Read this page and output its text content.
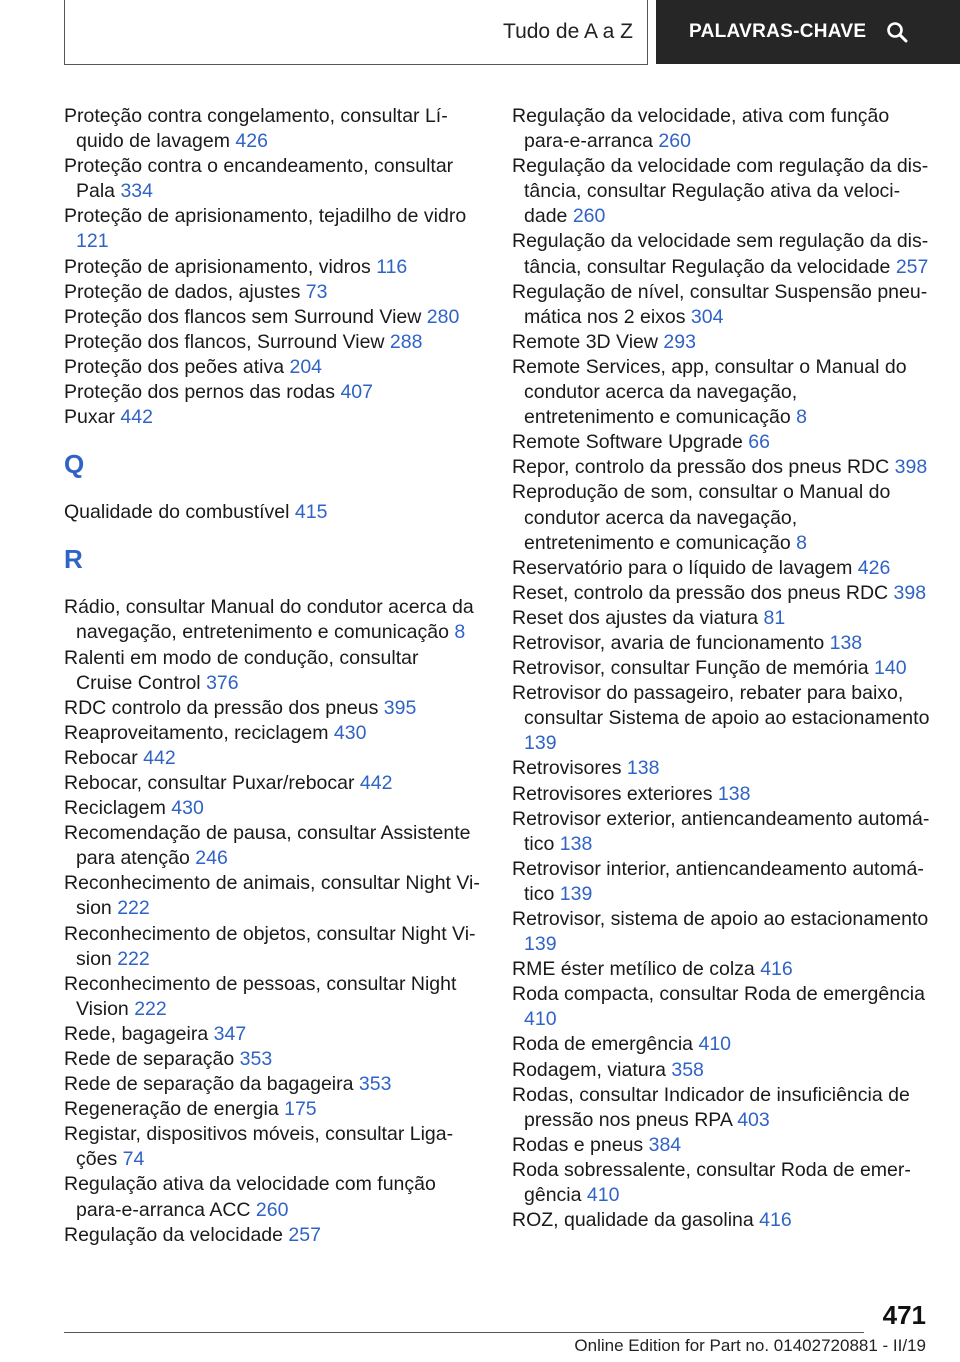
Tudo de A a Z	PALAVRAS-CHAVE
Proteção contra congelamento, consultar Líquido de lavagem 426
Proteção contra o encandeamento, consultar Pala 334
Proteção de aprisionamento, tejadilho de vidro 121
Proteção de aprisionamento, vidros 116
Proteção de dados, ajustes 73
Proteção dos flancos sem Surround View 280
Proteção dos flancos, Surround View 288
Proteção dos peões ativa 204
Proteção dos pernos das rodas 407
Puxar 442
Q
Qualidade do combustível 415
R
Rádio, consultar Manual do condutor acerca da navegação, entretenimento e comunicação 8
Ralenti em modo de condução, consultar Cruise Control 376
RDC controlo da pressão dos pneus 395
Reaproveitamento, reciclagem 430
Rebocar 442
Rebocar, consultar Puxar/rebocar 442
Reciclagem 430
Recomendação de pausa, consultar Assistente para atenção 246
Reconhecimento de animais, consultar Night Vision 222
Reconhecimento de objetos, consultar Night Vision 222
Reconhecimento de pessoas, consultar Night Vision 222
Rede, bagageira 347
Rede de separação 353
Rede de separação da bagageira 353
Regeneração de energia 175
Registar, dispositivos móveis, consultar Ligações 74
Regulação ativa da velocidade com função para-e-arranca ACC 260
Regulação da velocidade 257
Regulação da velocidade, ativa com função para-e-arranca 260
Regulação da velocidade com regulação da distância, consultar Regulação ativa da velocidade 260
Regulação da velocidade sem regulação da distância, consultar Regulação da velocidade 257
Regulação de nível, consultar Suspensão pneumática nos 2 eixos 304
Remote 3D View 293
Remote Services, app, consultar o Manual do condutor acerca da navegação, entretenimento e comunicação 8
Remote Software Upgrade 66
Repor, controlo da pressão dos pneus RDC 398
Reprodução de som, consultar o Manual do condutor acerca da navegação, entretenimento e comunicação 8
Reservatório para o líquido de lavagem 426
Reset, controlo da pressão dos pneus RDC 398
Reset dos ajustes da viatura 81
Retrovisor, avaria de funcionamento 138
Retrovisor, consultar Função de memória 140
Retrovisor do passageiro, rebater para baixo, consultar Sistema de apoio ao estacionamento 139
Retrovisores 138
Retrovisores exteriores 138
Retrovisor exterior, antiencandeamento automático 138
Retrovisor interior, antiencandeamento automático 139
Retrovisor, sistema de apoio ao estacionamento 139
RME éster metílico de colza 416
Roda compacta, consultar Roda de emergência 410
Roda de emergência 410
Rodagem, viatura 358
Rodas, consultar Indicador de insuficiência de pressão nos pneus RPA 403
Rodas e pneus 384
Roda sobressalente, consultar Roda de emergência 410
ROZ, qualidade da gasolina 416
471
Online Edition for Part no. 01402720881 - II/19
